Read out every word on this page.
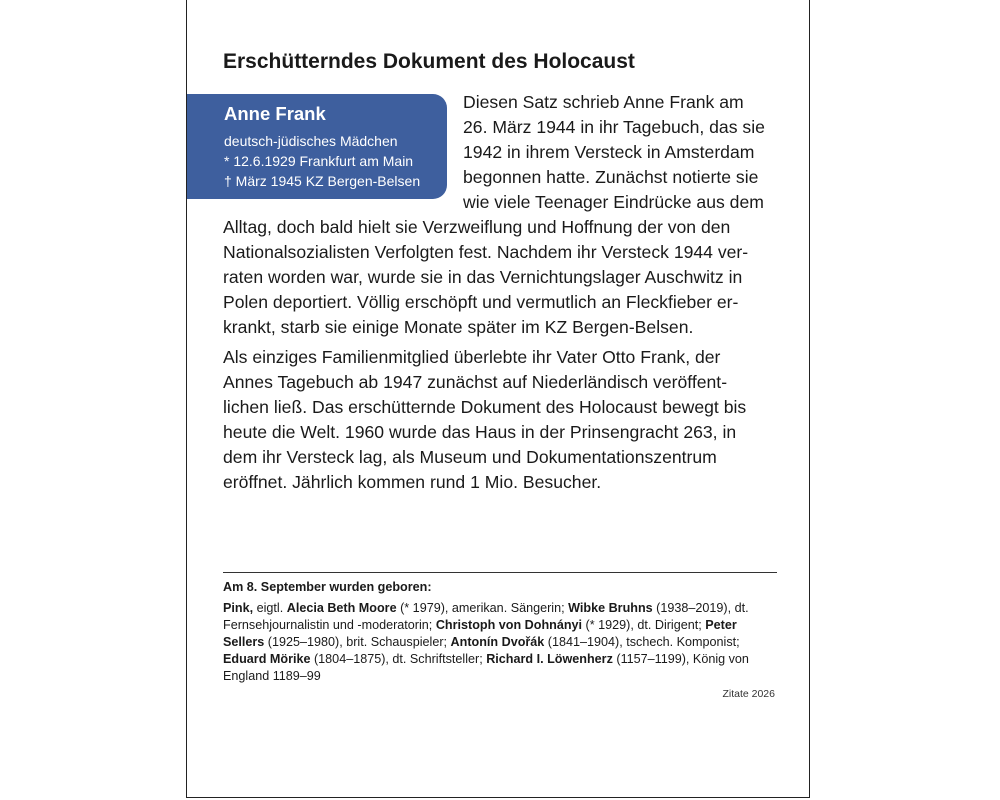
Erschütterndes Dokument des Holocaust
Anne Frank
deutsch-jüdisches Mädchen
* 12.6.1929 Frankfurt am Main
† März 1945 KZ Bergen-Belsen

Diesen Satz schrieb Anne Frank am
26. März 1944 in ihr Tagebuch, das sie
1942 in ihrem Versteck in Amsterdam
begonnen hatte. Zunächst notierte sie
wie viele Teenager Eindrücke aus dem

Alltag, doch bald hielt sie Verzweiflung und Hoffnung der von den
Nationalsozialisten Verfolgten fest. Nachdem ihr Versteck 1944 ver-
raten worden war, wurde sie in das Vernichtungslager Auschwitz in
Polen deportiert. Völlig erschöpft und vermutlich an Fleckfieber er-
krankt, starb sie einige Monate später im KZ Bergen-Belsen.

Als einziges Familienmitglied überlebte ihr Vater Otto Frank, der
Annes Tagebuch ab 1947 zunächst auf Niederländisch veröffent-
lichen ließ. Das erschütternde Dokument des Holocaust bewegt bis
heute die Welt. 1960 wurde das Haus in der Prinsengracht 263, in
dem ihr Versteck lag, als Museum und Dokumentationszentrum
eröffnet. Jährlich kommen rund 1 Mio. Besucher.

Am 8. September wurden geboren:
Pink, eigtl. Alecia Beth Moore (* 1979), amerikan. Sängerin; Wibke Bruhns (1938–2019), dt.
Fernsehjournalistin und -moderatorin; Christoph von Dohnányi (* 1929), dt. Dirigent; Peter
Sellers (1925–1980), brit. Schauspieler; Antonín Dvořák (1841–1904), tschech. Komponist;
Eduard Mörike (1804–1875), dt. Schriftsteller; Richard I. Löwenherz (1157–1199), König von
England 1189–99
Zitate 2026
